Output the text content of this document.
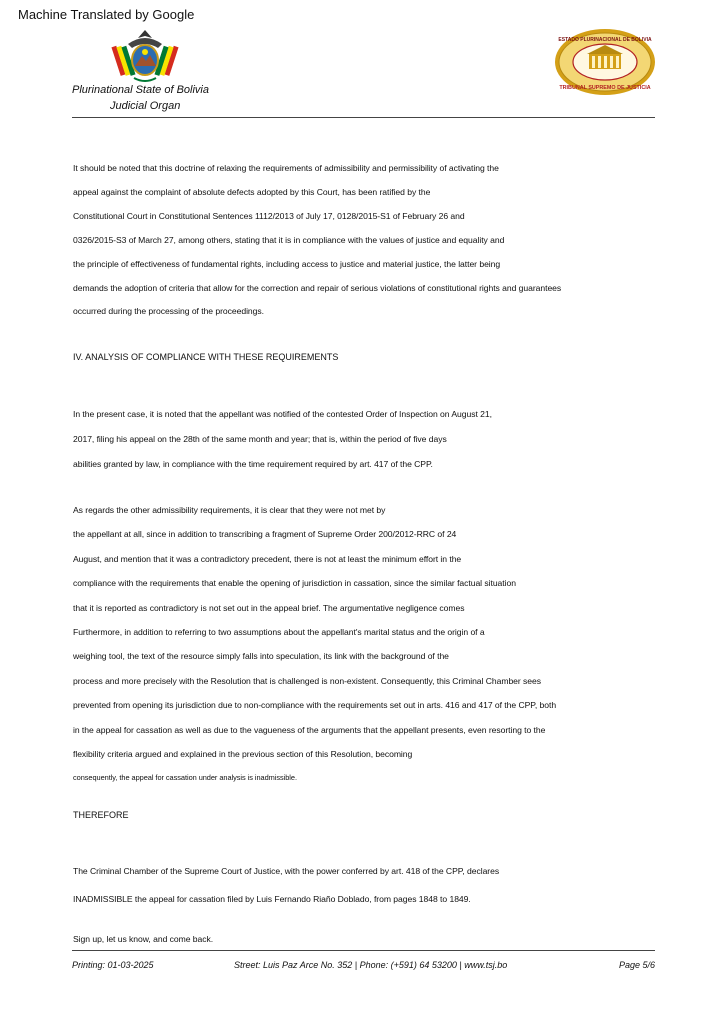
Machine Translated by Google
Plurinational State of Bolivia
Judicial Organ
ESTADO PLURINACIONAL DE BOLIVIA
TRIBUNAL SUPREMO DE JUSTICIA

It should be noted that this doctrine of relaxing the requirements of admissibility and permissibility of activating the

appeal against the complaint of absolute defects adopted by this Court, has been ratified by the

Constitutional Court in Constitutional Sentences 1112/2013 of July 17, 0128/2015-S1 of February 26 and

0326/2015-S3 of March 27, among others, stating that it is in compliance with the values of justice and equality and

the principle of effectiveness of fundamental rights, including access to justice and material justice, the latter being

demands the adoption of criteria that allow for the correction and repair of serious violations of constitutional rights and guarantees

occurred during the processing of the proceedings.

IV. ANALYSIS OF COMPLIANCE WITH THESE REQUIREMENTS

In the present case, it is noted that the appellant was notified of the contested Order of Inspection on August 21,

2017, filing his appeal on the 28th of the same month and year; that is, within the period of five days

abilities granted by law, in compliance with the time requirement required by art. 417 of the CPP.

As regards the other admissibility requirements, it is clear that they were not met by

the appellant at all, since in addition to transcribing a fragment of Supreme Order 200/2012-RRC of 24

August, and mention that it was a contradictory precedent, there is not at least the minimum effort in the

compliance with the requirements that enable the opening of jurisdiction in cassation, since the similar factual situation

that it is reported as contradictory is not set out in the appeal brief. The argumentative negligence comes

Furthermore, in addition to referring to two assumptions about the appellant's marital status and the origin of a

weighing tool, the text of the resource simply falls into speculation, its link with the background of the

process and more precisely with the Resolution that is challenged is non-existent. Consequently, this Criminal Chamber sees

prevented from opening its jurisdiction due to non-compliance with the requirements set out in arts. 416 and 417 of the CPP, both

in the appeal for cassation as well as due to the vagueness of the arguments that the appellant presents, even resorting to the

flexibility criteria argued and explained in the previous section of this Resolution, becoming

consequently, the appeal for cassation under analysis is inadmissible.

THEREFORE

The Criminal Chamber of the Supreme Court of Justice, with the power conferred by art. 418 of the CPP, declares

INADMISSIBLE the appeal for cassation filed by Luis Fernando Riaño Doblado, from pages 1848 to 1849.

Sign up, let us know, and come back.

Printing: 01-03-2025	Street: Luis Paz Arce No. 352 | Phone: (+591) 64 53200 | www.tsj.bo	Page 5/6
